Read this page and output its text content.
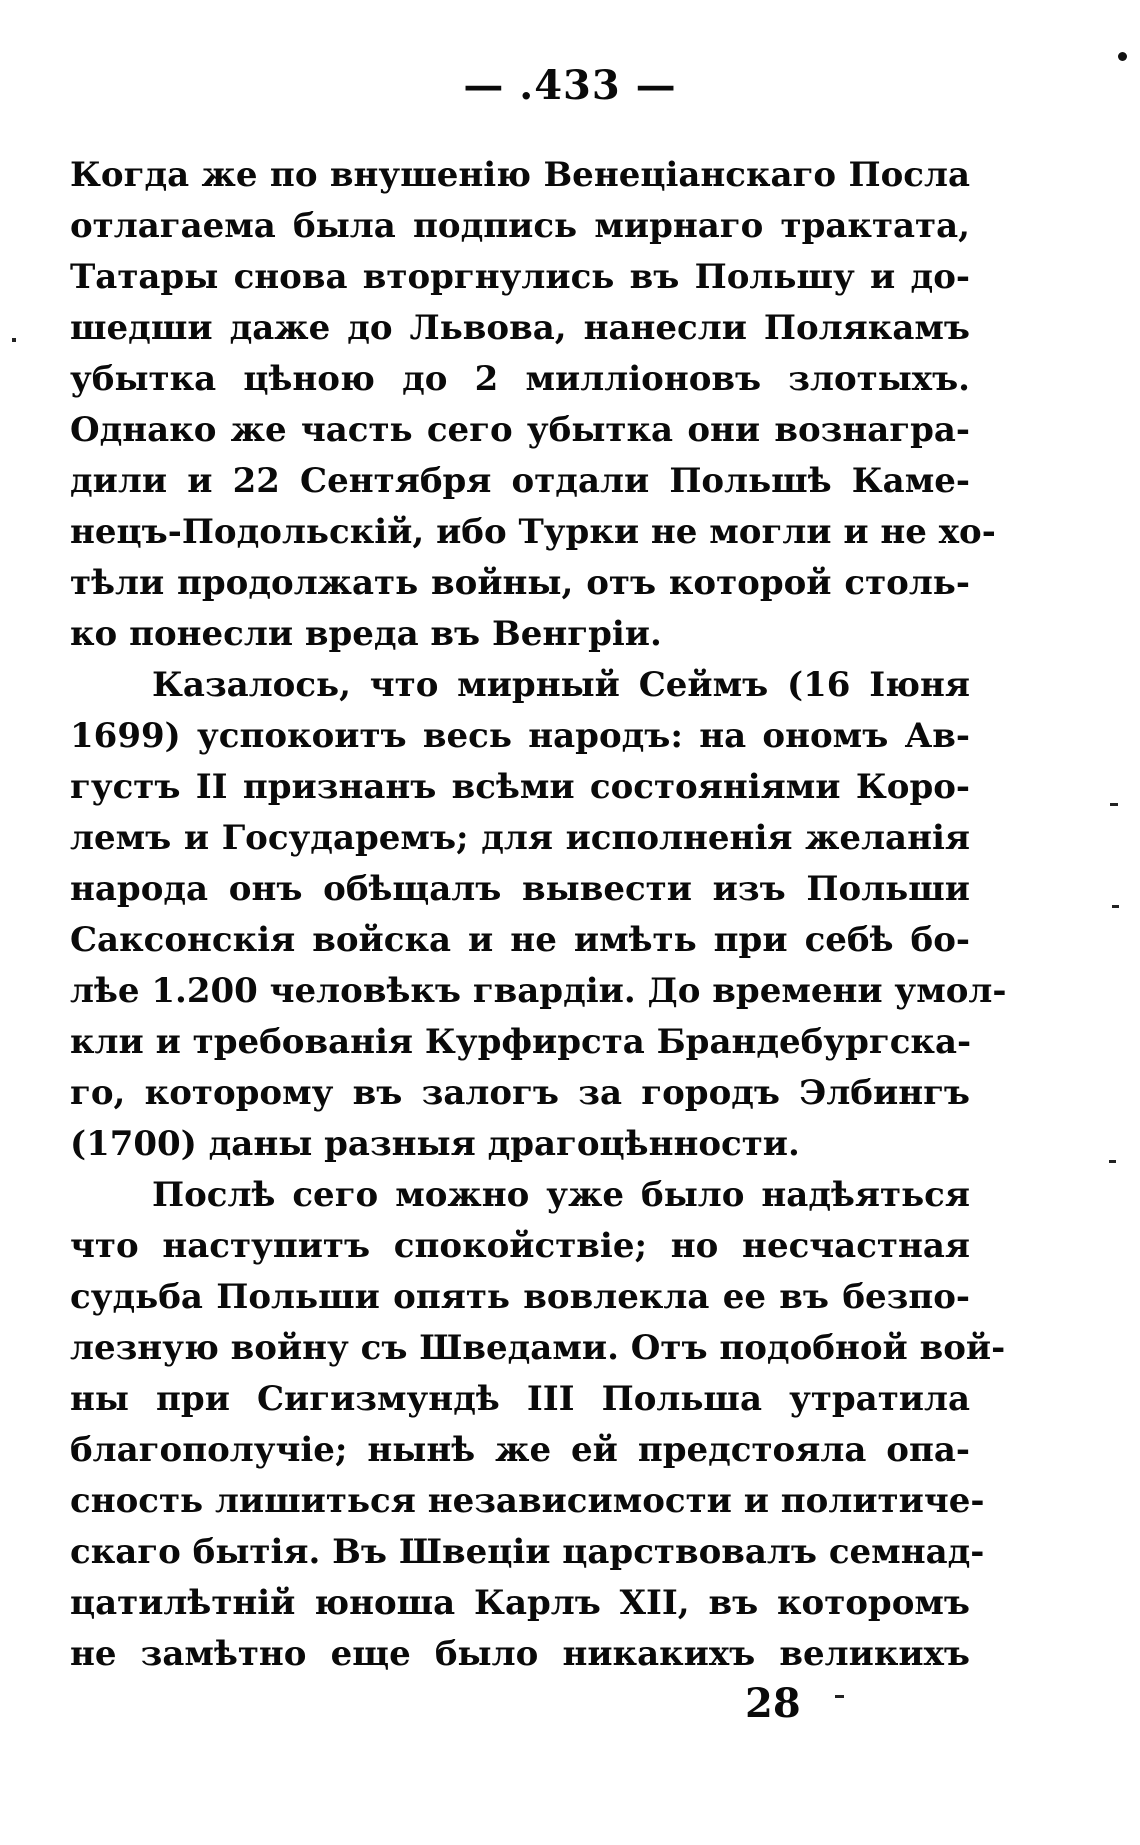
— .433 —
Когда же по внушенію Венеціанскаго Посла
отлагаема была подпись мирнаго трактата,
Татары снова вторгнулись въ Польшу и до-
шедши даже до Львова, нанесли Полякамъ
убытка цѣною до 2 милліоновъ злотыхъ.
Однако же часть сего убытка они вознагра-
дили и 22 Сентября отдали Польшѣ Каме-
нецъ-Подольскій, ибо Турки не могли и не хо-
тѣли продолжать войны, отъ которой столь-
ко понесли вреда въ Венгріи.
Казалось, что мирный Сеймъ (16 Іюня
1699) успокоитъ весь народъ: на ономъ Ав-
густъ II признанъ всѣми состояніями Коро-
лемъ и Государемъ; для исполненія желанія
народа онъ обѣщалъ вывести изъ Польши
Саксонскія войска и не имѣть при себѣ бо-
лѣе 1.200 человѣкъ гвардіи. До времени умол-
кли и требованія Курфирста Брандебургска-
го, которому въ залогъ за городъ Элбингъ
(1700) даны разныя драгоцѣнности.
Послѣ сего можно уже было надѣяться
что наступитъ спокойствіе; но несчастная
судьба Польши опять вовлекла ее въ безпо-
лезную войну съ Шведами. Отъ подобной вой-
ны при Сигизмундѣ III Польша утратила
благополучіе; нынѣ же ей предстояла опа-
сность лишиться независимости и политиче-
скаго бытія. Въ Швеціи царствовалъ семнад-
цатилѣтній юноша Карлъ XII, въ которомъ
не замѣтно еще было никакихъ великихъ
28
